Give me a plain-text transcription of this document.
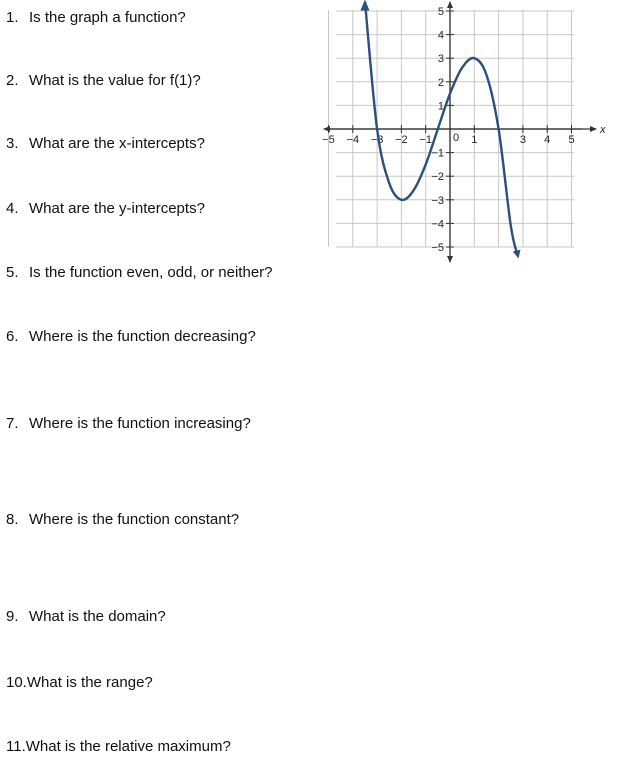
1. Is the graph a function?
2. What is the value for f(1)?
3. What are the x-intercepts?
4. What are the y-intercepts?
5. Is the function even, odd, or neither?
6. Where is the function decreasing?
7. Where is the function increasing?
8. Where is the function constant?
9. What is the domain?
10.What is the range?
11.What is the relative maximum?
−5 −4 −3 −2 −1	1	3 4 5
5
4
3
2
1
−1
−2
−3
−4
−5
0
x
